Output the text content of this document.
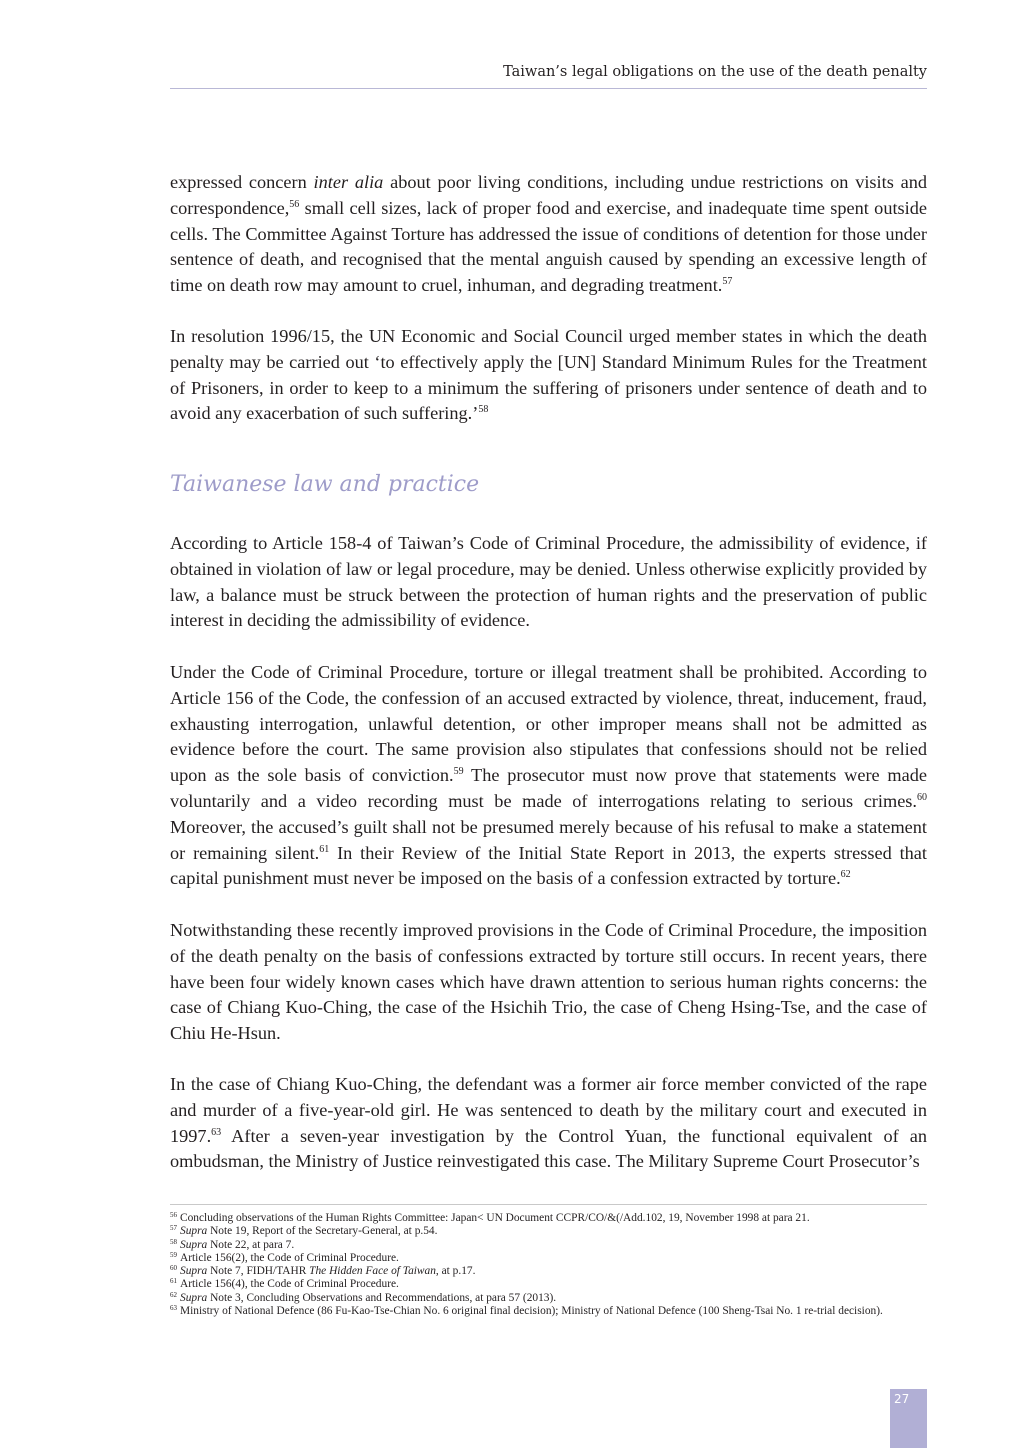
Taiwan’s legal obligations on the use of the death penalty

expressed concern inter alia about poor living conditions, including undue restrictions on visits and correspondence,$^{56}$ small cell sizes, lack of proper food and exercise, and inadequate time spent outside cells. The Committee Against Torture has addressed the issue of conditions of detention for those under sentence of death, and recognised that the mental anguish caused by spending an excessive length of time on death row may amount to cruel, inhuman, and degrading treatment.$^{57}$

In resolution 1996/15, the UN Economic and Social Council urged member states in which the death penalty may be carried out ‘to effectively apply the [UN] Standard Minimum Rules for the Treatment of Prisoners, in order to keep to a minimum the suffering of prisoners under sentence of death and to avoid any exacerbation of such suffering.’$^{58}$

Taiwanese law and practice

According to Article 158-4 of Taiwan’s Code of Criminal Procedure, the admissibility of evidence, if obtained in violation of law or legal procedure, may be denied. Unless otherwise explicitly provided by law, a balance must be struck between the protection of human rights and the preservation of public interest in deciding the admissibility of evidence.

Under the Code of Criminal Procedure, torture or illegal treatment shall be prohibited. According to Article 156 of the Code, the confession of an accused extracted by violence, threat, inducement, fraud, exhausting interrogation, unlawful detention, or other improper means shall not be admitted as evidence before the court. The same provision also stipulates that confessions should not be relied upon as the sole basis of conviction.$^{59}$ The prosecutor must now prove that statements were made voluntarily and a video recording must be made of interrogations relating to serious crimes.$^{60}$ Moreover, the accused’s guilt shall not be presumed merely because of his refusal to make a statement or remaining silent.$^{61}$ In their Review of the Initial State Report in 2013, the experts stressed that capital punishment must never be imposed on the basis of a confession extracted by torture.$^{62}$

Notwithstanding these recently improved provisions in the Code of Criminal Procedure, the imposition of the death penalty on the basis of confessions extracted by torture still occurs. In recent years, there have been four widely known cases which have drawn attention to serious human rights concerns: the case of Chiang Kuo-Ching, the case of the Hsichih Trio, the case of Cheng Hsing-Tse, and the case of Chiu He-Hsun.

In the case of Chiang Kuo-Ching, the defendant was a former air force member convicted of the rape and murder of a five-year-old girl. He was sentenced to death by the military court and executed in 1997.63 After a seven-year investigation by the Control Yuan, the functional equivalent of an ombudsman, the Ministry of Justice reinvestigated this case. The Military Supreme Court Prosecutor’s

$^{56}$ Concluding observations of the Human Rights Committee: Japan< UN Document CCPR/CO/&(/Add.102, 19, November 1998 at para 21.
$^{57}$ Supra Note 19, Report of the Secretary-General, at p.54.
$^{58}$ Supra Note 22, at para 7.
$^{59}$ Article 156(2), the Code of Criminal Procedure.
$^{60}$ Supra Note 7, FIDH/TAHR The Hidden Face of Taiwan, at p.17.
$^{61}$ Article 156(4), the Code of Criminal Procedure.
$^{62}$ Supra Note 3, Concluding Observations and Recommendations, at para 57 (2013).
$^{63}$ Ministry of National Defence (86 Fu-Kao-Tse-Chian No. 6 original final decision); Ministry of National Defence (100 Sheng-Tsai No. 1 re-trial decision).
27
